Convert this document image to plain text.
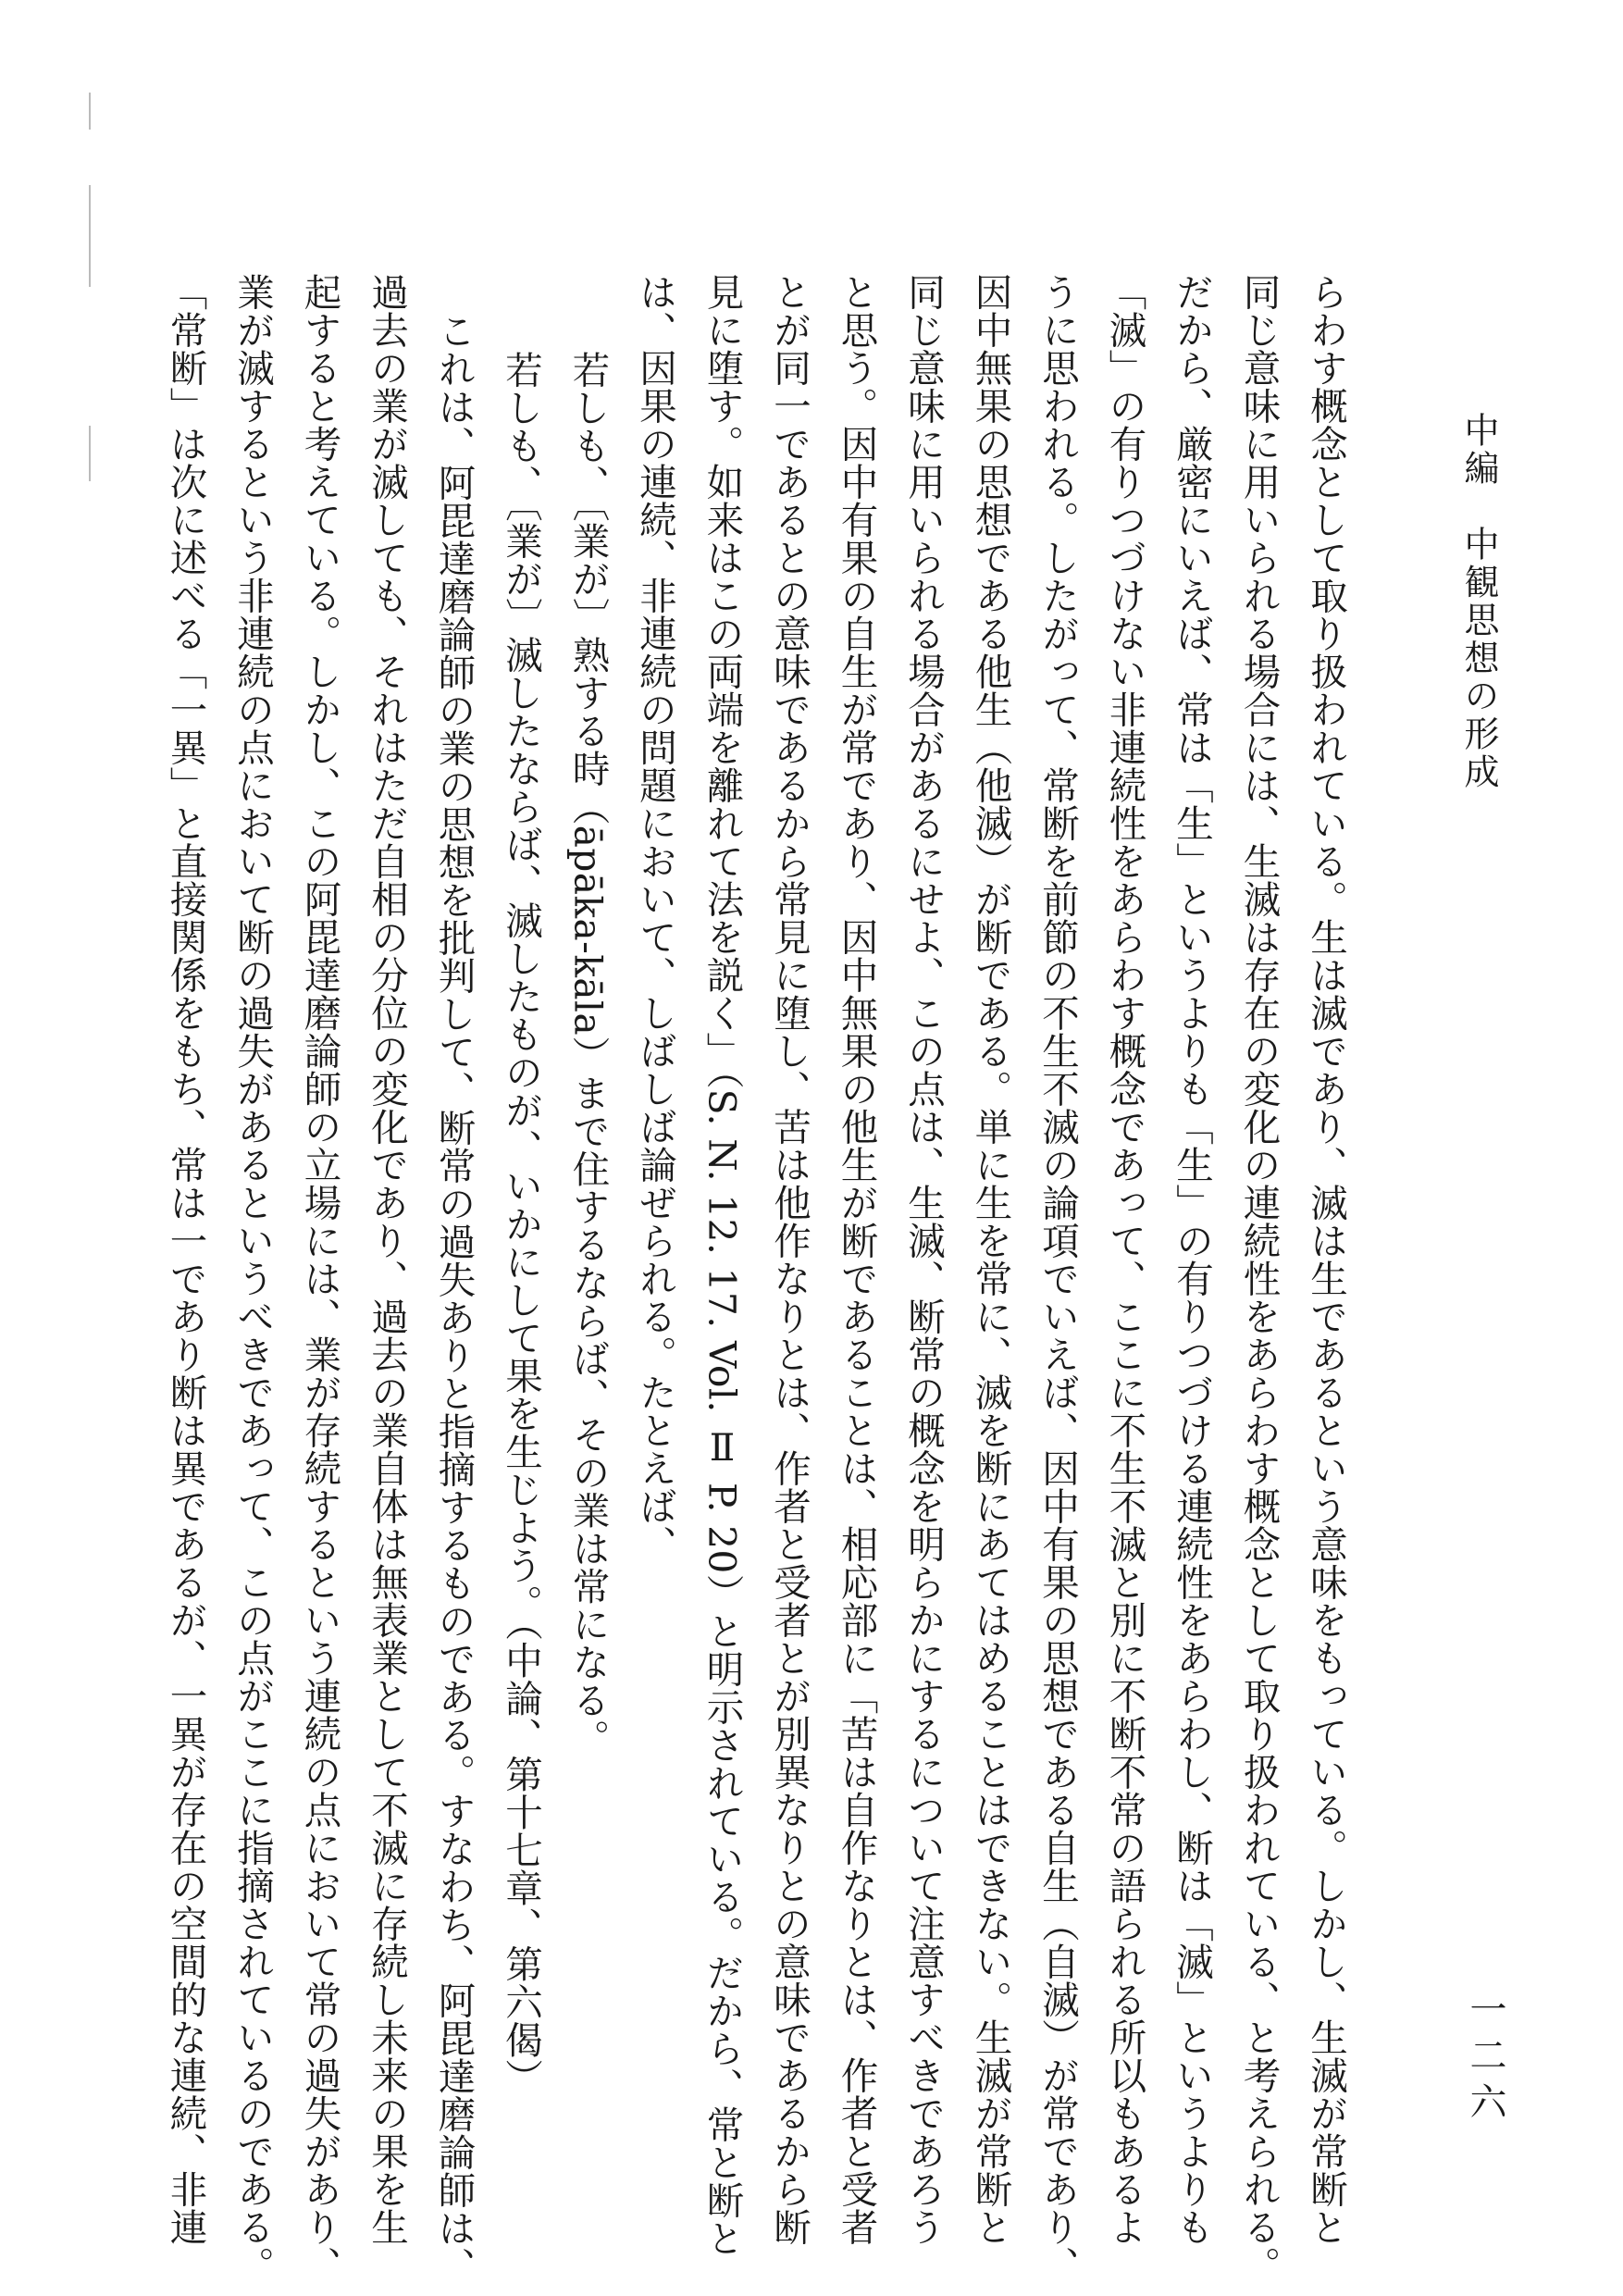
中編　中観思想の形成
一二六
らわす概念として取り扱われている。生は滅であり、滅は生であるという意味をもっている。しかし、生滅が常断と
同じ意味に用いられる場合には、生滅は存在の変化の連続性をあらわす概念として取り扱われている、と考えられる。
だから、厳密にいえば、常は「生」というよりも「生」の有りつづける連続性をあらわし、断は「滅」というよりも
「滅」の有りつづけない非連続性をあらわす概念であって、ここに不生不滅と別に不断不常の語られる所以もあるよ
うに思われる。したがって、常断を前節の不生不滅の論項でいえば、因中有果の思想である自生（自滅）が常であり、
因中無果の思想である他生（他滅）が断である。単に生を常に、滅を断にあてはめることはできない。生滅が常断と
同じ意味に用いられる場合があるにせよ、この点は、生滅、断常の概念を明らかにするについて注意すべきであろう
と思う。因中有果の自生が常であり、因中無果の他生が断であることは、相応部に「苦は自作なりとは、作者と受者
とが同一であるとの意味であるから常見に堕し、苦は他作なりとは、作者と受者とが別異なりとの意味であるから断
見に堕す。如来はこの両端を離れて法を説く」（S. N. 12. 17. Vol. Ⅱ P. 20）と明示されている。だから、常と断と
は、因果の連続、非連続の問題において、しばしば論ぜられる。たとえば、
若しも、〔業が〕熟する時（āpāka-kāla）まで住するならば、その業は常になる。
若しも、〔業が〕滅したならば、滅したものが、いかにして果を生じよう。（中論、第十七章、第六偈）
これは、阿毘達磨論師の業の思想を批判して、断常の過失ありと指摘するものである。すなわち、阿毘達磨論師は、
過去の業が滅しても、それはただ自相の分位の変化であり、過去の業自体は無表業として不滅に存続し未来の果を生
起すると考えている。しかし、この阿毘達磨論師の立場には、業が存続するという連続の点において常の過失があり、
業が滅するという非連続の点において断の過失があるというべきであって、この点がここに指摘されているのである。
「常断」は次に述べる「一異」と直接関係をもち、常は一であり断は異であるが、一異が存在の空間的な連続、非連
